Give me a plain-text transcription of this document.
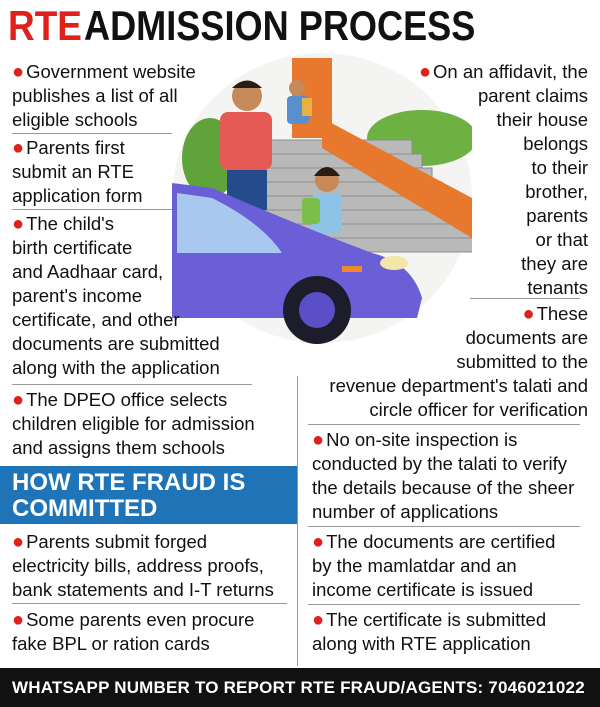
RTE ADMISSION PROCESS
● Government website
publishes a list of all
eligible schools
● Parents first
submit an RTE
application form
● The child's
birth certificate
and Aadhaar card,
parent's income
certificate, and other
documents are submitted
along with the application
● The DPEO office selects
children eligible for admission
and assigns them schools
● On an affidavit, the
parent claims
their house
belongs
to their
brother,
parents
or that
they are
tenants
HOW RTE FRAUD IS
COMMITTED
● Parents submit forged
electricity bills, address proofs,
bank statements and I-T returns
● Some parents even procure
fake BPL or ration cards
● These
documents are
submitted to the
revenue department's talati and
circle officer for verification
● No on-site inspection is
conducted by the talati to verify
the details because of the sheer
number of applications
● The documents are certified
by the mamlatdar and an
income certificate is issued
● The certificate is submitted
along with RTE application
WHATSAPP NUMBER TO REPORT RTE FRAUD/AGENTS: 7046021022
